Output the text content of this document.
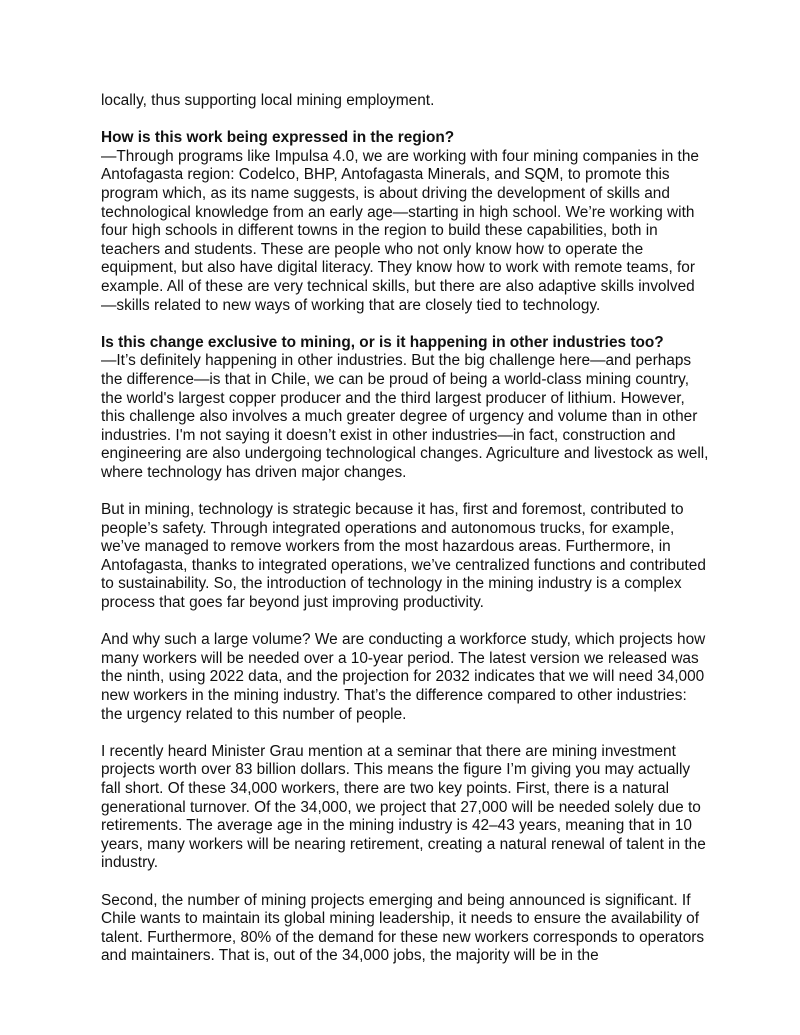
locally, thus supporting local mining employment.

How is this work being expressed in the region?

—Through programs like Impulsa 4.0, we are working with four mining companies in the Antofagasta region: Codelco, BHP, Antofagasta Minerals, and SQM, to promote this program which, as its name suggests, is about driving the development of skills and technological knowledge from an early age—starting in high school. We’re working with four high schools in different towns in the region to build these capabilities, both in teachers and students. These are people who not only know how to operate the equipment, but also have digital literacy. They know how to work with remote teams, for example. All of these are very technical skills, but there are also adaptive skills involved —skills related to new ways of working that are closely tied to technology.

Is this change exclusive to mining, or is it happening in other industries too?

—It’s definitely happening in other industries. But the big challenge here—and perhaps the difference—is that in Chile, we can be proud of being a world-class mining country, the world's largest copper producer and the third largest producer of lithium. However, this challenge also involves a much greater degree of urgency and volume than in other industries. I'm not saying it doesn’t exist in other industries—in fact, construction and engineering are also undergoing technological changes. Agriculture and livestock as well, where technology has driven major changes.

But in mining, technology is strategic because it has, first and foremost, contributed to people’s safety. Through integrated operations and autonomous trucks, for example, we’ve managed to remove workers from the most hazardous areas. Furthermore, in Antofagasta, thanks to integrated operations, we’ve centralized functions and contributed to sustainability. So, the introduction of technology in the mining industry is a complex process that goes far beyond just improving productivity.

And why such a large volume? We are conducting a workforce study, which projects how many workers will be needed over a 10-year period. The latest version we released was the ninth, using 2022 data, and the projection for 2032 indicates that we will need 34,000 new workers in the mining industry. That’s the difference compared to other industries: the urgency related to this number of people.

I recently heard Minister Grau mention at a seminar that there are mining investment projects worth over 83 billion dollars. This means the figure I’m giving you may actually fall short. Of these 34,000 workers, there are two key points. First, there is a natural generational turnover. Of the 34,000, we project that 27,000 will be needed solely due to retirements. The average age in the mining industry is 42–43 years, meaning that in 10 years, many workers will be nearing retirement, creating a natural renewal of talent in the industry.

Second, the number of mining projects emerging and being announced is significant. If Chile wants to maintain its global mining leadership, it needs to ensure the availability of talent. Furthermore, 80% of the demand for these new workers corresponds to operators and maintainers. That is, out of the 34,000 jobs, the majority will be in the
